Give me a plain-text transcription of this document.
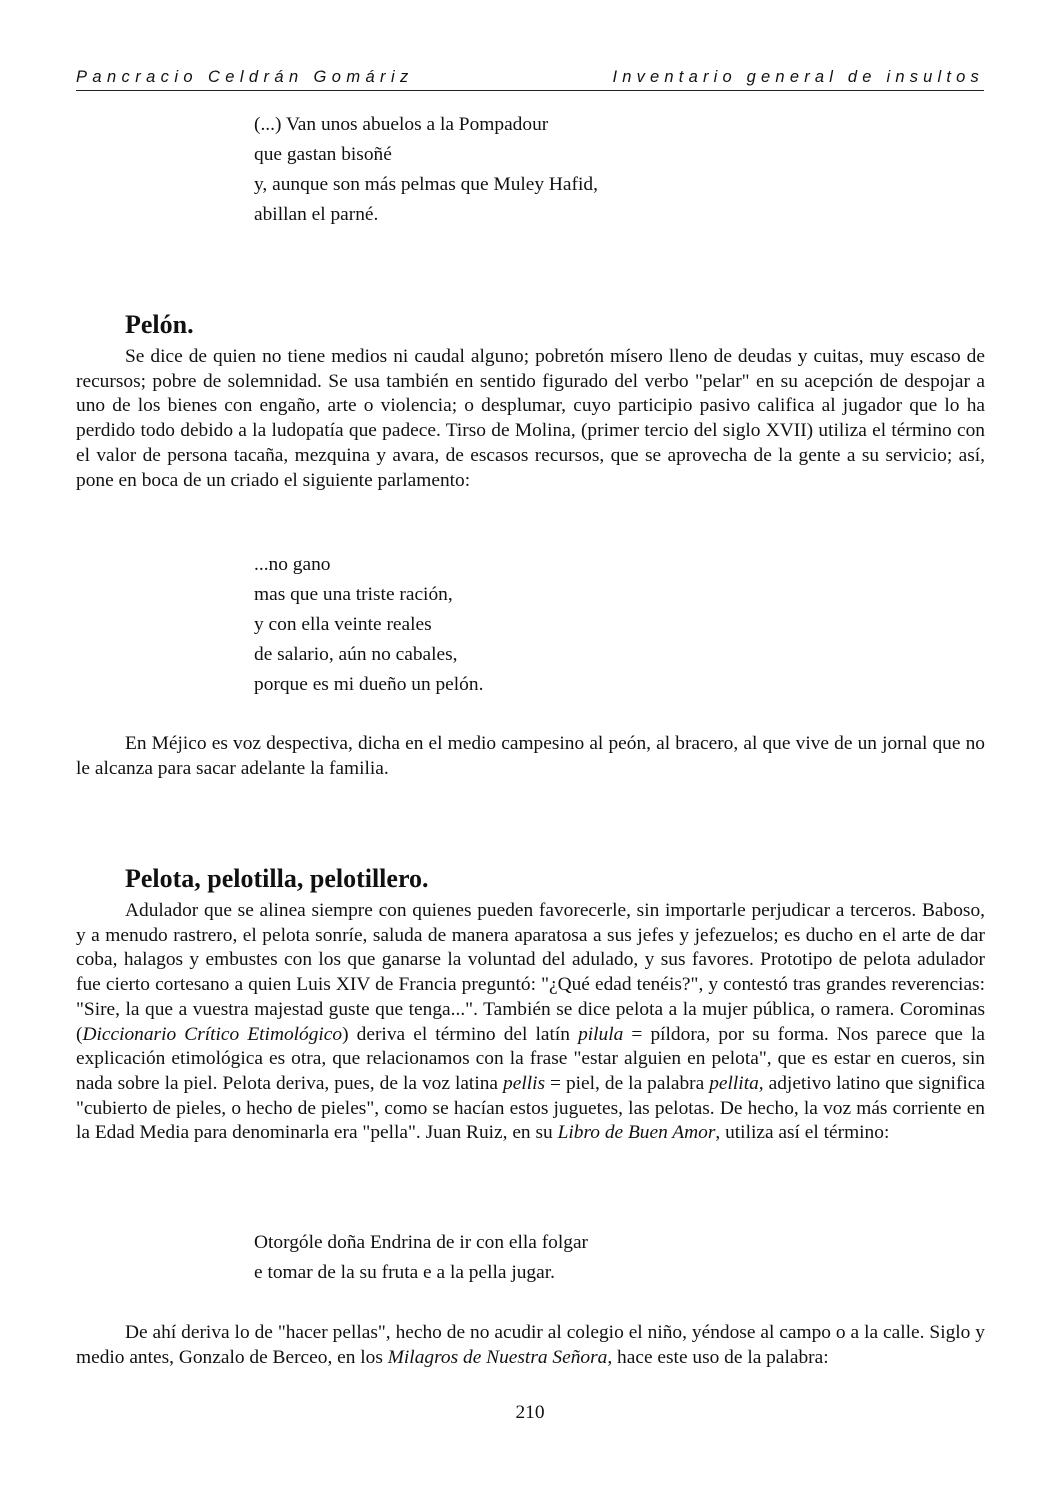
Pancracio Celdrán Gomáriz	Inventario general de insultos
(...) Van unos abuelos a la Pompadour
que gastan bisoñé
y, aunque son más pelmas que Muley Hafid,
abillan el parné.
Pelón.

Se dice de quien no tiene medios ni caudal alguno; pobretón mísero lleno de deudas y cuitas, muy escaso de recursos; pobre de solemnidad. Se usa también en sentido figurado del verbo "pelar" en su acepción de despojar a uno de los bienes con engaño, arte o violencia; o desplumar, cuyo participio pasivo califica al jugador que lo ha perdido todo debido a la ludopatía que padece. Tirso de Molina, (primer tercio del siglo XVII) utiliza el término con el valor de persona tacaña, mezquina y avara, de escasos recursos, que se aprovecha de la gente a su servicio; así, pone en boca de un criado el siguiente parlamento:

...no gano
mas que una triste ración,
y con ella veinte reales
de salario, aún no cabales,
porque es mi dueño un pelón.

En Méjico es voz despectiva, dicha en el medio campesino al peón, al bracero, al que vive de un jornal que no le alcanza para sacar adelante la familia.

Pelota, pelotilla, pelotillero.

Adulador que se alinea siempre con quienes pueden favorecerle, sin importarle perjudicar a terceros. Baboso, y a menudo rastrero, el pelota sonríe, saluda de manera aparatosa a sus jefes y jefezuelos; es ducho en el arte de dar coba, halagos y embustes con los que ganarse la voluntad del adulado, y sus favores. Prototipo de pelota adulador fue cierto cortesano a quien Luis XIV de Francia preguntó: "¿Qué edad tenéis?", y contestó tras grandes reverencias: "Sire, la que a vuestra majestad guste que tenga...". También se dice pelota a la mujer pública, o ramera. Corominas (Diccionario Crítico Etimológico) deriva el término del latín pilula = píldora, por su forma. Nos parece que la explicación etimológica es otra, que relacionamos con la frase "estar alguien en pelota", que es estar en cueros, sin nada sobre la piel. Pelota deriva, pues, de la voz latina pellis = piel, de la palabra pellita, adjetivo latino que significa "cubierto de pieles, o hecho de pieles", como se hacían estos juguetes, las pelotas. De hecho, la voz más corriente en la Edad Media para denominarla era "pella". Juan Ruiz, en su Libro de Buen Amor, utiliza así el término:

Otorgóle doña Endrina de ir con ella folgar
e tomar de la su fruta e a la pella jugar.

De ahí deriva lo de "hacer pellas", hecho de no acudir al colegio el niño, yéndose al campo o a la calle. Siglo y medio antes, Gonzalo de Berceo, en los Milagros de Nuestra Señora, hace este uso de la palabra:

210
